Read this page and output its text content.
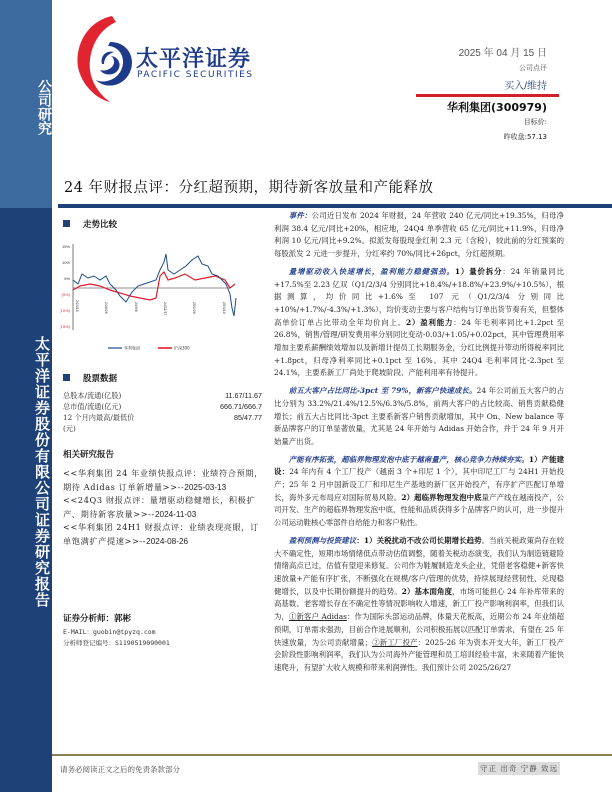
公司研究
太平洋证券股份有限公司证券研究报告
太平洋证券
PACIFIC SECURITIES
2025 年 04 月 15 日
公司点评
买入/维持
华利集团(300979)
目标价:
昨收盘:57.13
24 年财报点评：分红超预期，期待新客放量和产能释放
走势比较
15%
10%
5%
(5%)
(10%)
(15%)
24/4/15	24/6/26	24/9/6	24/11/17	25/1/28	25/4/10
华利集团	沪深300
股票数据
总股本/流通(亿股)	11.67/11.67
总市值/流通(亿元)	666.71/666.7
12 个月内最高/最低价	85/47.77
(元)
相关研究报告
<<华利集团 24 年业绩快报点评：业绩符合预期，期待 Adidas 订单新增量>>--2025-03-13
<<24Q3 财报点评：量增驱动稳健增长，积极扩产、期待新客放量>>--2024-11-03
<<华利集团 24H1 财报点评：业绩表现亮眼，订单饱满扩产提速>>--2024-08-26
证券分析师：郭彬
E-MAIL：guobin@tpyzq.com
分析师登记编号：S1190519090001

事件：公司近日发布 2024 年财报，24 年营收 240 亿元/同比+19.35%，归母净利润 38.4 亿元/同比+20%，相应地，24Q4 单季营收 65 亿元/同比+11.9%，归母净利润 10 亿元/同比+9.2%。拟派发每股现金红利 2.3 元（含税），较此前的分红预案的每股派发 2 元进一步提升，分红率约 70%/同比+26pct，分红超预期。

量增驱动收入快速增长，盈利能力稳健强劲。1）量价拆分：24 年销量同比+17.5%至 2.23 亿双（Q1/2/3/4 分别同比+18.4%/+18.8%/+23.9%/+10.5%），根据测算，均价同比+1.6%至 107 元（Q1/2/3/4 分别同比+10%/+1.7%/-4.3%/+1.3%），均价变动主要与客户结构与订单出货节奏有关，但整体高单价订单占比带动全年均价向上。2）盈利能力：24 年毛利率同比+1.2pct 至 26.8%，销售/管理/研发费用率分别同比变动-0.03/+1.05/+0.02pct，其中管理费用率增加主要系薪酬绩效增加以及新增计提员工长期服务金，分红比例提升带动所得税率同比+1.8pct，归母净利率同比+0.1pct 至 16%。其中 24Q4 毛利率同比-2.3pct 至 24.1%，主要系新工厂尚处于爬坡阶段、产能利用率有待提升。

前五大客户占比同比-3pct 至 79%，新客户快速成长。24 年公司前五大客户的占比分别为 33.2%/21.4%/12.5%/6.3%/5.8%，前两大客户的占比较高、销售贡献稳健增长；前五大占比同比-3pct 主要系新客户销售贡献增加，其中 On、New balance 等新品牌客户的订单显著放量，尤其是 24 年开始与 Adidas 开始合作，并于 24 年 9 月开始量产出货。

产能有序拓张，超临界物理发泡中底于越南量产，核心竞争力持续夯实。1）产能建设：24 年内有 4 个工厂投产（越南 3 个+印尼 1 个），其中印尼工厂与 24H1 开始投产；25 年 2 月中国新设工厂和印尼生产基地的新厂区开始投产，有序扩产匹配订单增长，海外多元布局应对国际贸易风险。2）超临界物理发泡中底量产产线在越南投产，公司开发、生产的超临界物理发泡中底，性能和品质获得多个品牌客户的认可，进一步提升公司运动鞋核心零部件自给能力和客户粘性。

盈利预测与投资建议：1）关税扰动不改公司长期增长趋势。当前关税政策尚存在较大不确定性，短期市场情绪低点带动估值调整，随着关税动态演变，我们认为制造链避险情绪高点已过，估值有望迎来修复。公司作为鞋履制造龙头企业，凭借老客稳健+新客快速放量+产能有序扩张，不断强化在规模/客户/管理的优势，持续展现经营韧性、兑现稳健增长，以及中长期份额提升的趋势。2）基本面角度，市场可能担心 24 年补库带来的高基数、老客增长存在不确定性等情况影响收入增速，新工厂投产影响利润率，但我们认为，①新客户 Adidas：作为国际头部运动品牌，体量天花板高，近期公布 24 年业绩超预期，订单需求强劲，目前合作进展顺利，公司积极拓展以匹配订单需求，有望在 25 年快速放量，为公司贡献增量；②新工厂投产：2025-26 年为资本开支大年，新工厂投产会阶段性影响利润率，我们认为公司海外产能管理和员工培训经验丰富，未来随着产能快速爬升，有望扩大收入规模和带来利润弹性。我们预计公司 2025/26/27

请务必阅读正文之后的免责条款部分	守正 出奇 宁静 致远
